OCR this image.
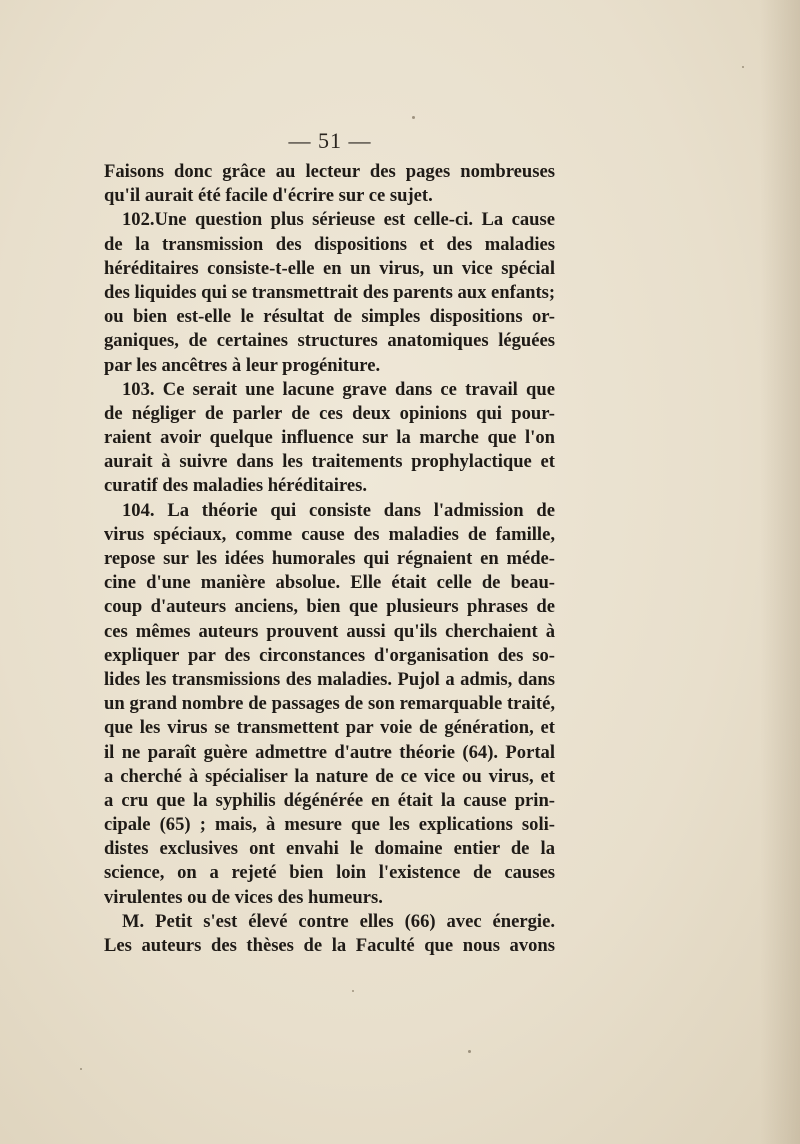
— 51 —
Faisons donc grâce au lecteur des pages nombreuses
qu'il aurait été facile d'écrire sur ce sujet.
102.Une question plus sérieuse est celle-ci. La cause
de la transmission des dispositions et des maladies
héréditaires consiste-t-elle en un virus, un vice spécial
des liquides qui se transmettrait des parents aux enfants;
ou bien est-elle le résultat de simples dispositions or-
ganiques, de certaines structures anatomiques léguées
par les ancêtres à leur progéniture.
103. Ce serait une lacune grave dans ce travail que
de négliger de parler de ces deux opinions qui pour-
raient avoir quelque influence sur la marche que l'on
aurait à suivre dans les traitements prophylactique et
curatif des maladies héréditaires.
104. La théorie qui consiste dans l'admission de
virus spéciaux, comme cause des maladies de famille,
repose sur les idées humorales qui régnaient en méde-
cine d'une manière absolue. Elle était celle de beau-
coup d'auteurs anciens, bien que plusieurs phrases de
ces mêmes auteurs prouvent aussi qu'ils cherchaient à
expliquer par des circonstances d'organisation des so-
lides les transmissions des maladies. Pujol a admis, dans
un grand nombre de passages de son remarquable traité,
que les virus se transmettent par voie de génération, et
il ne paraît guère admettre d'autre théorie (64). Portal
a cherché à spécialiser la nature de ce vice ou virus, et
a cru que la syphilis dégénérée en était la cause prin-
cipale (65) ; mais, à mesure que les explications soli-
distes exclusives ont envahi le domaine entier de la
science, on a rejeté bien loin l'existence de causes
virulentes ou de vices des humeurs.
M. Petit s'est élevé contre elles (66) avec énergie.
Les auteurs des thèses de la Faculté que nous avons
